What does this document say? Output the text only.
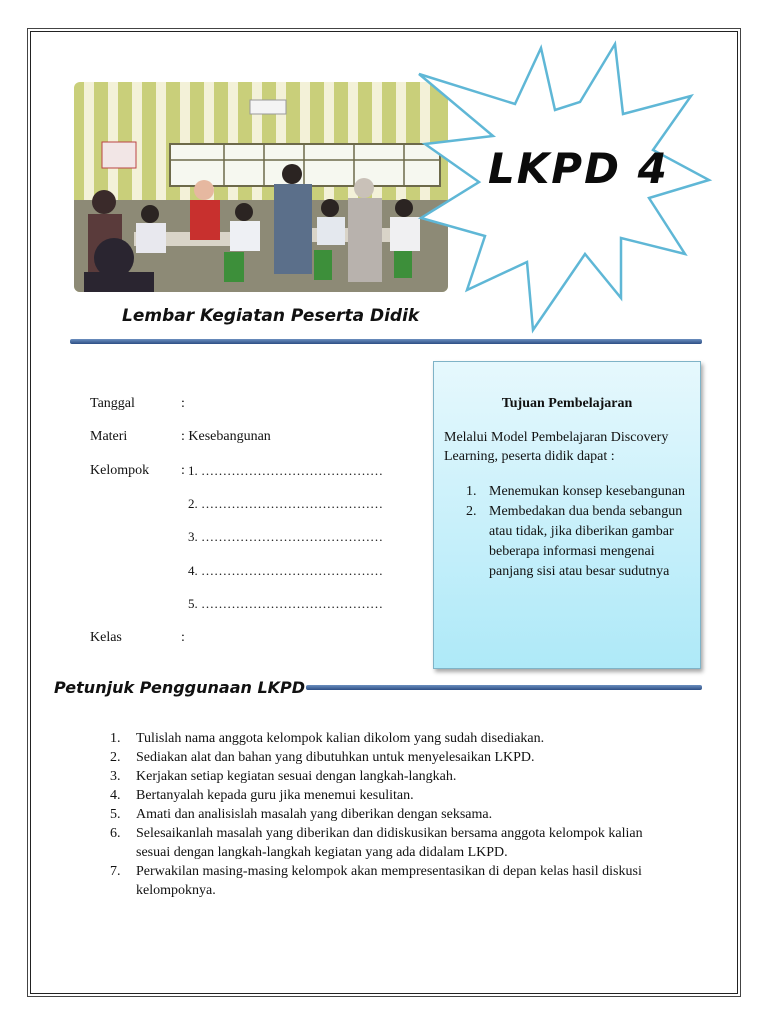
LKPD 4
Lembar Kegiatan Peserta Didik
Tanggal	:
Materi	: Kesebangunan
Kelompok : 1. ……………………………………
2. ……………………………………
3. ……………………………………
4. ……………………………………
5. ……………………………………
Kelas	:
Tujuan Pembelajaran
Melalui Model Pembelajaran Discovery Learning, peserta didik dapat :
1. Menemukan konsep kesebangunan
2. Membedakan dua benda sebangun atau tidak, jika diberikan gambar beberapa informasi mengenai panjang sisi atau besar sudutnya
Petunjuk Penggunaan LKPD
1. Tulislah nama anggota kelompok kalian dikolom yang sudah disediakan.
2. Sediakan alat dan bahan yang dibutuhkan untuk menyelesaikan LKPD.
3. Kerjakan setiap kegiatan sesuai dengan langkah-langkah.
4. Bertanyalah kepada guru jika menemui kesulitan.
5. Amati dan analisislah masalah yang diberikan dengan seksama.
6. Selesaikanlah masalah yang diberikan dan didiskusikan bersama anggota kelompok kalian sesuai dengan langkah-langkah kegiatan yang ada didalam LKPD.
7. Perwakilan masing-masing kelompok akan mempresentasikan di depan kelas hasil diskusi kelompoknya.
